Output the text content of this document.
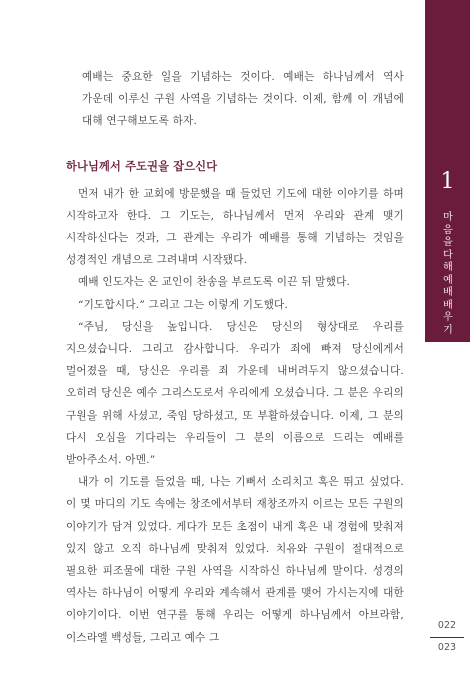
예배는 중요한 일을 기념하는 것이다. 예배는 하나님께서 역사 가운데 이루신 구원 사역을 기념하는 것이다. 이제, 함께 이 개념에 대해 연구해보도록 하자.

하나님께서 주도권을 잡으신다

먼저 내가 한 교회에 방문했을 때 들었던 기도에 대한 이야기를 하며 시작하고자 한다. 그 기도는, 하나님께서 먼저 우리와 관계 맺기 시작하신다는 것과, 그 관계는 우리가 예배를 통해 기념하는 것임을 성경적인 개념으로 그려내며 시작됐다.

예배 인도자는 온 교인이 찬송을 부르도록 이끈 뒤 말했다.

“기도합시다.” 그리고 그는 이렇게 기도했다.

“주님, 당신을 높입니다. 당신은 당신의 형상대로 우리를 지으셨습니다. 그리고 감사합니다. 우리가 죄에 빠져 당신에게서 멀어졌을 때, 당신은 우리를 죄 가운데 내버려두지 않으셨습니다. 오히려 당신은 예수 그리스도로서 우리에게 오셨습니다. 그 분은 우리의 구원을 위해 사셨고, 죽임 당하셨고, 또 부활하셨습니다. 이제, 그 분의 다시 오심을 기다리는 우리들이 그 분의 이름으로 드리는 예배를 받아주소서. 아멘.”

내가 이 기도를 들었을 때, 나는 기뻐서 소리치고 혹은 뛰고 싶었다. 이 몇 마디의 기도 속에는 창조에서부터 재창조까지 이르는 모든 구원의 이야기가 담겨 있었다. 게다가 모든 초점이 내게 혹은 내 경험에 맞춰져 있지 않고 오직 하나님께 맞춰져 있었다. 치유와 구원이 절대적으로 필요한 피조물에 대한 구원 사역을 시작하신 하나님께 말이다. 성경의 역사는 하나님이 어떻게 우리와 계속해서 관계를 맺어 가시는지에 대한 이야기이다. 이번 연구를 통해 우리는 어떻게 하나님께서 아브라함, 이스라엘 백성들, 그리고 예수 그

1
마음을다해예배배우기
022
023
